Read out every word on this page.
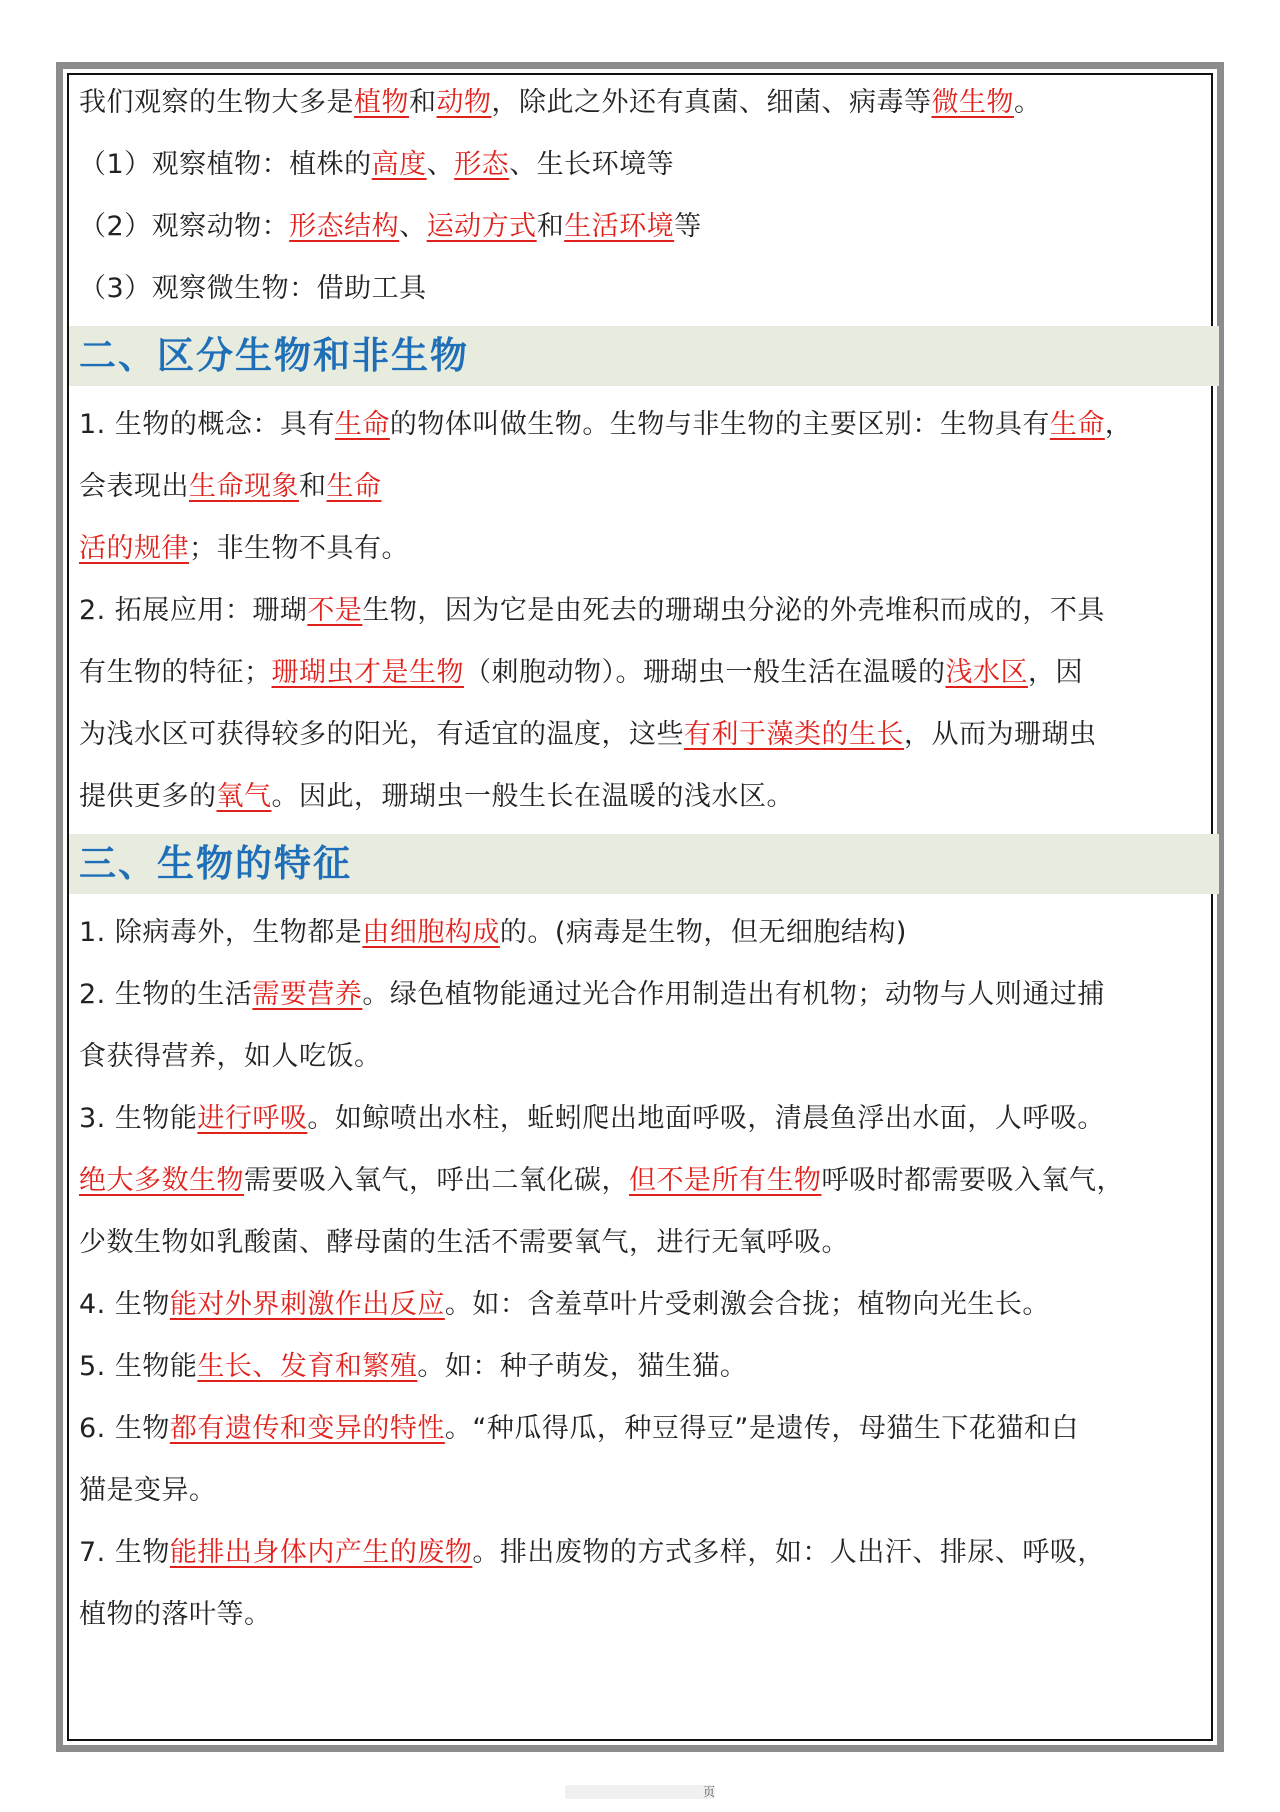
我们观察的生物大多是植物和动物，除此之外还有真菌、细菌、病毒等微生物。
（1）观察植物：植株的高度、形态、生长环境等
（2）观察动物：形态结构、运动方式和生活环境等
（3）观察微生物：借助工具
二、区分生物和非生物
1. 生物的概念：具有生命的物体叫做生物。生物与非生物的主要区别：生物具有生命，
会表现出生命现象和生命
活的规律；非生物不具有。
2. 拓展应用：珊瑚不是生物，因为它是由死去的珊瑚虫分泌的外壳堆积而成的，不具
有生物的特征；珊瑚虫才是生物（刺胞动物）。珊瑚虫一般生活在温暖的浅水区，因
为浅水区可获得较多的阳光，有适宜的温度，这些有利于藻类的生长，从而为珊瑚虫
提供更多的氧气。因此，珊瑚虫一般生长在温暖的浅水区。
三、生物的特征
1. 除病毒外，生物都是由细胞构成的。(病毒是生物，但无细胞结构)
2. 生物的生活需要营养。绿色植物能通过光合作用制造出有机物；动物与人则通过捕
食获得营养，如人吃饭。
3. 生物能进行呼吸。如鲸喷出水柱，蚯蚓爬出地面呼吸，清晨鱼浮出水面，人呼吸。
绝大多数生物需要吸入氧气，呼出二氧化碳，但不是所有生物呼吸时都需要吸入氧气，
少数生物如乳酸菌、酵母菌的生活不需要氧气，进行无氧呼吸。
4. 生物能对外界刺激作出反应。如：含羞草叶片受刺激会合拢；植物向光生长。
5. 生物能生长、发育和繁殖。如：种子萌发，猫生猫。
6. 生物都有遗传和变异的特性。“种瓜得瓜，种豆得豆”是遗传，母猫生下花猫和白
猫是变异。
7. 生物能排出身体内产生的废物。排出废物的方式多样，如：人出汗、排尿、呼吸，
植物的落叶等。
页
